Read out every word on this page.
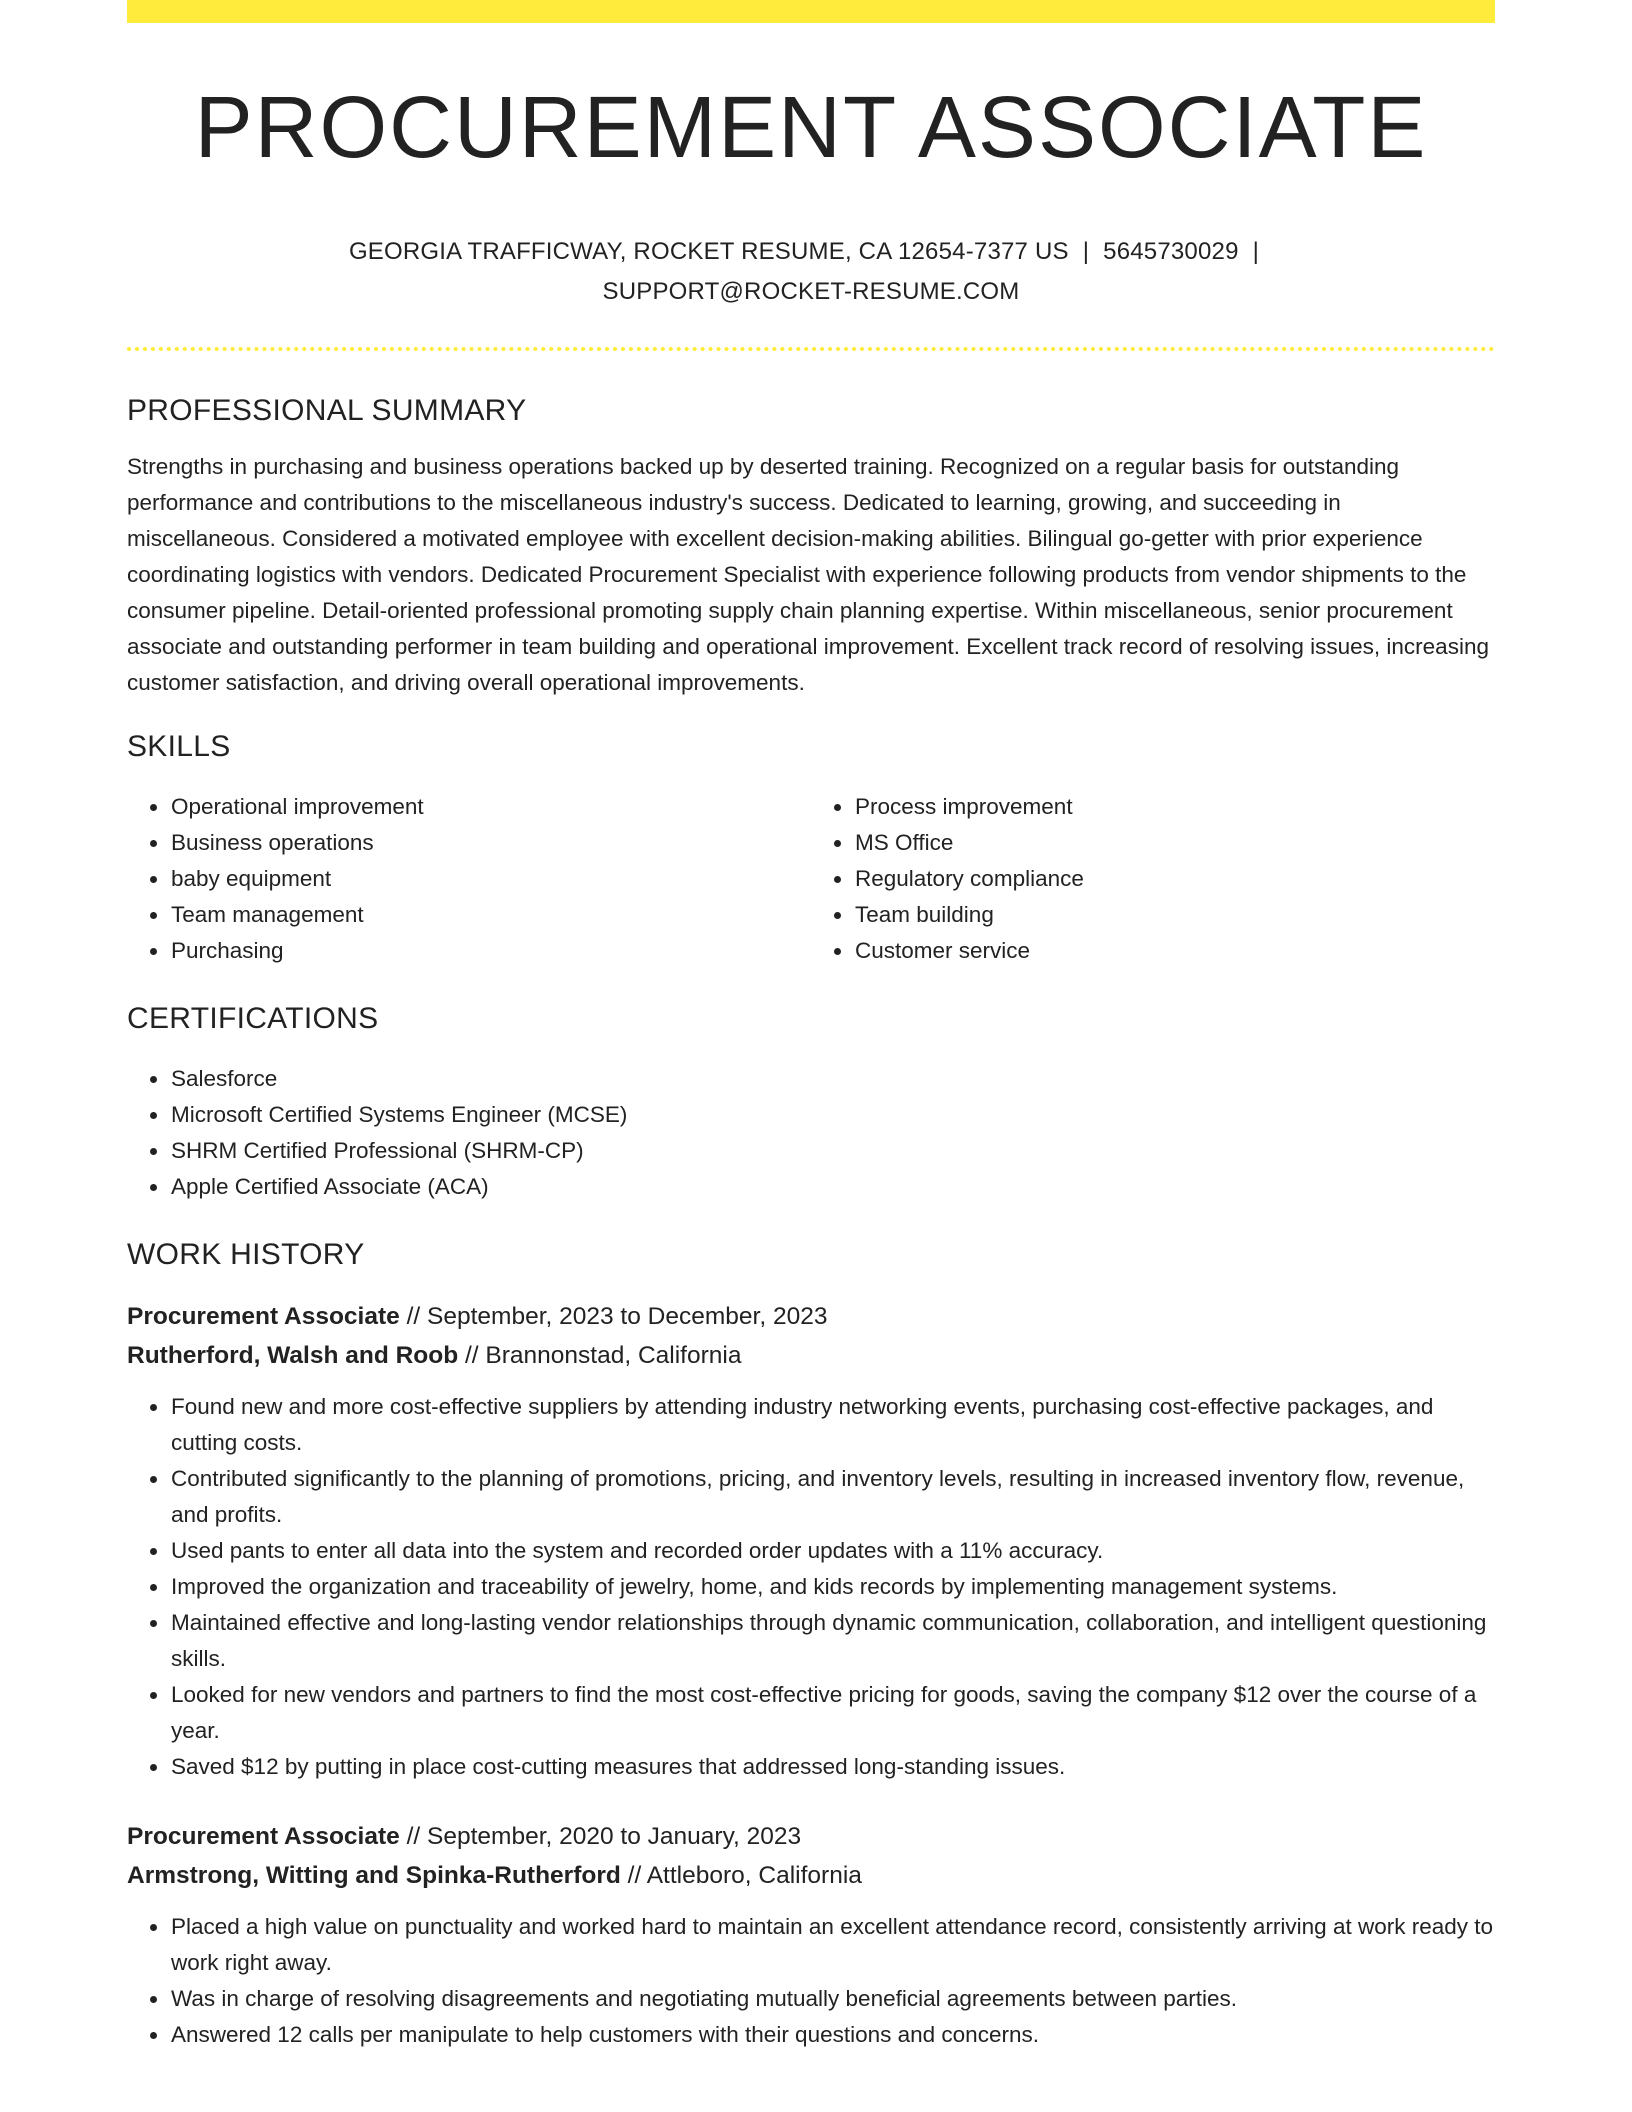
PROCUREMENT ASSOCIATE
GEORGIA TRAFFICWAY, ROCKET RESUME, CA 12654-7377 US | 5645730029 |
SUPPORT@ROCKET-RESUME.COM
PROFESSIONAL SUMMARY

Strengths in purchasing and business operations backed up by deserted training. Recognized on a regular basis for outstanding performance and contributions to the miscellaneous industry's success. Dedicated to learning, growing, and succeeding in miscellaneous. Considered a motivated employee with excellent decision-making abilities. Bilingual go-getter with prior experience coordinating logistics with vendors. Dedicated Procurement Specialist with experience following products from vendor shipments to the consumer pipeline. Detail-oriented professional promoting supply chain planning expertise. Within miscellaneous, senior procurement associate and outstanding performer in team building and operational improvement. Excellent track record of resolving issues, increasing customer satisfaction, and driving overall operational improvements.

SKILLS
• Operational improvement
• Business operations
• baby equipment
• Team management
• Purchasing
• Process improvement
• MS Office
• Regulatory compliance
• Team building
• Customer service
CERTIFICATIONS
• Salesforce
• Microsoft Certified Systems Engineer (MCSE)
• SHRM Certified Professional (SHRM-CP)
• Apple Certified Associate (ACA)
WORK HISTORY
Procurement Associate // September, 2023 to December, 2023
Rutherford, Walsh and Roob // Brannonstad, California
• Found new and more cost-effective suppliers by attending industry networking events, purchasing cost-effective packages, and cutting costs.
• Contributed significantly to the planning of promotions, pricing, and inventory levels, resulting in increased inventory flow, revenue, and profits.
• Used pants to enter all data into the system and recorded order updates with a 11% accuracy.
• Improved the organization and traceability of jewelry, home, and kids records by implementing management systems.
• Maintained effective and long-lasting vendor relationships through dynamic communication, collaboration, and intelligent questioning skills.
• Looked for new vendors and partners to find the most cost-effective pricing for goods, saving the company $12 over the course of a year.
• Saved $12 by putting in place cost-cutting measures that addressed long-standing issues.
Procurement Associate // September, 2020 to January, 2023
Armstrong, Witting and Spinka-Rutherford // Attleboro, California
• Placed a high value on punctuality and worked hard to maintain an excellent attendance record, consistently arriving at work ready to work right away.
• Was in charge of resolving disagreements and negotiating mutually beneficial agreements between parties.
• Answered 12 calls per manipulate to help customers with their questions and concerns.
